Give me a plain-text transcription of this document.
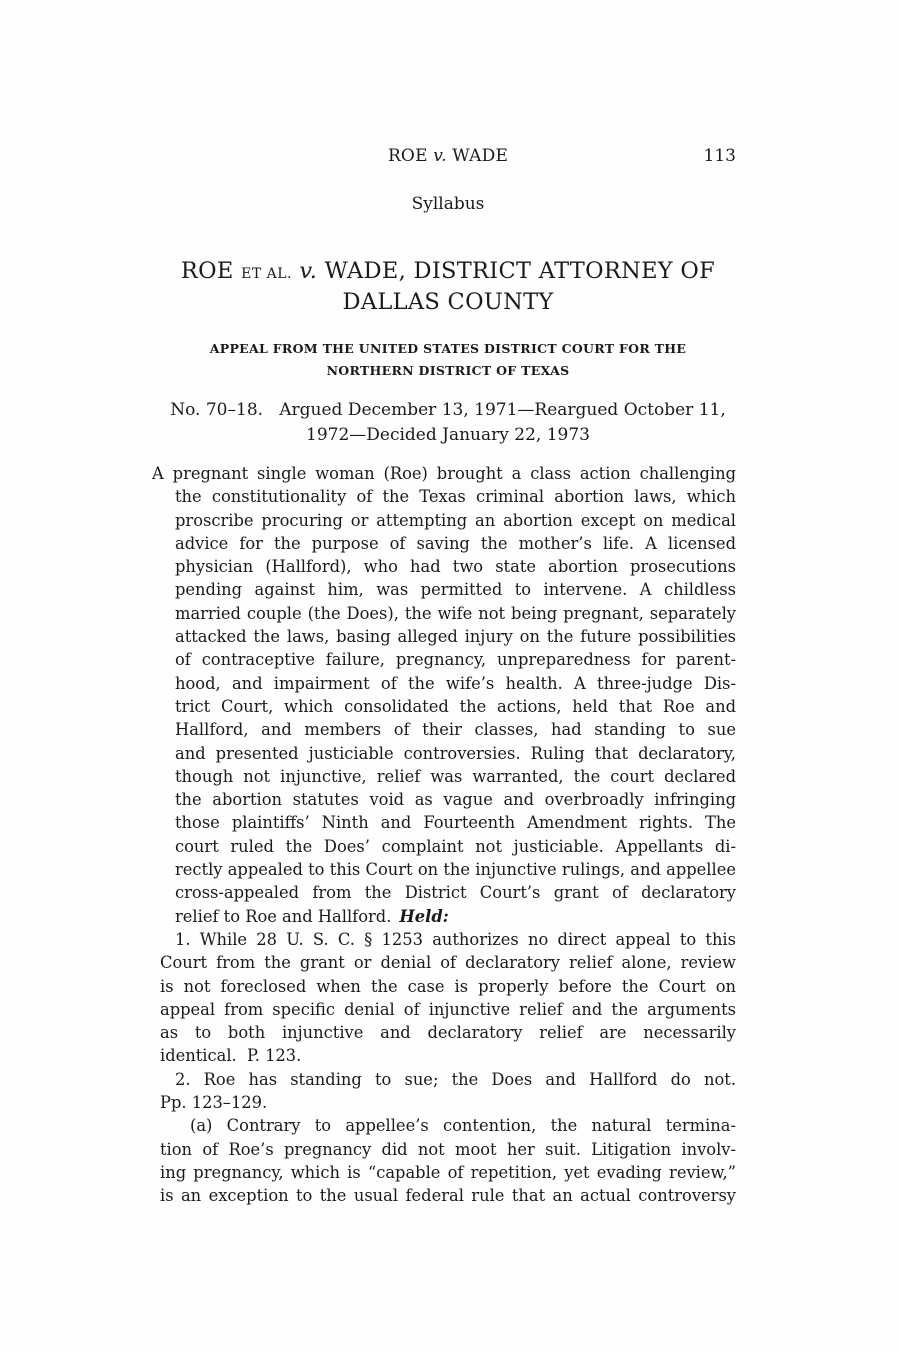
ROE v. WADE	113
Syllabus
ROE ET AL. v. WADE, DISTRICT ATTORNEY OF
DALLAS COUNTY
APPEAL FROM THE UNITED STATES DISTRICT COURT FOR THE
NORTHERN DISTRICT OF TEXAS
No. 70–18.   Argued December 13, 1971—Reargued October 11,
1972—Decided January 22, 1973
A pregnant single woman (Roe) brought a class action challenging
the constitutionality of the Texas criminal abortion laws, which
proscribe procuring or attempting an abortion except on medical
advice for the purpose of saving the mother’s life. A licensed
physician (Hallford), who had two state abortion prosecutions
pending against him, was permitted to intervene. A childless
married couple (the Does), the wife not being pregnant, separately
attacked the laws, basing alleged injury on the future possibilities
of contraceptive failure, pregnancy, unpreparedness for parent-
hood, and impairment of the wife’s health. A three-judge Dis-
trict Court, which consolidated the actions, held that Roe and
Hallford, and members of their classes, had standing to sue
and presented justiciable controversies. Ruling that declaratory,
though not injunctive, relief was warranted, the court declared
the abortion statutes void as vague and overbroadly infringing
those plaintiffs’ Ninth and Fourteenth Amendment rights. The
court ruled the Does’ complaint not justiciable. Appellants di-
rectly appealed to this Court on the injunctive rulings, and appellee
cross-appealed from the District Court’s grant of declaratory
relief to Roe and Hallford. Held:
1. While 28 U. S. C. § 1253 authorizes no direct appeal to this
Court from the grant or denial of declaratory relief alone, review
is not foreclosed when the case is properly before the Court on
appeal from specific denial of injunctive relief and the arguments
as to both injunctive and declaratory relief are necessarily
identical.  P. 123.
2. Roe has standing to sue; the Does and Hallford do not.
Pp. 123–129.
(a) Contrary to appellee’s contention, the natural termina-
tion of Roe’s pregnancy did not moot her suit. Litigation involv-
ing pregnancy, which is “capable of repetition, yet evading review,”
is an exception to the usual federal rule that an actual controversy
